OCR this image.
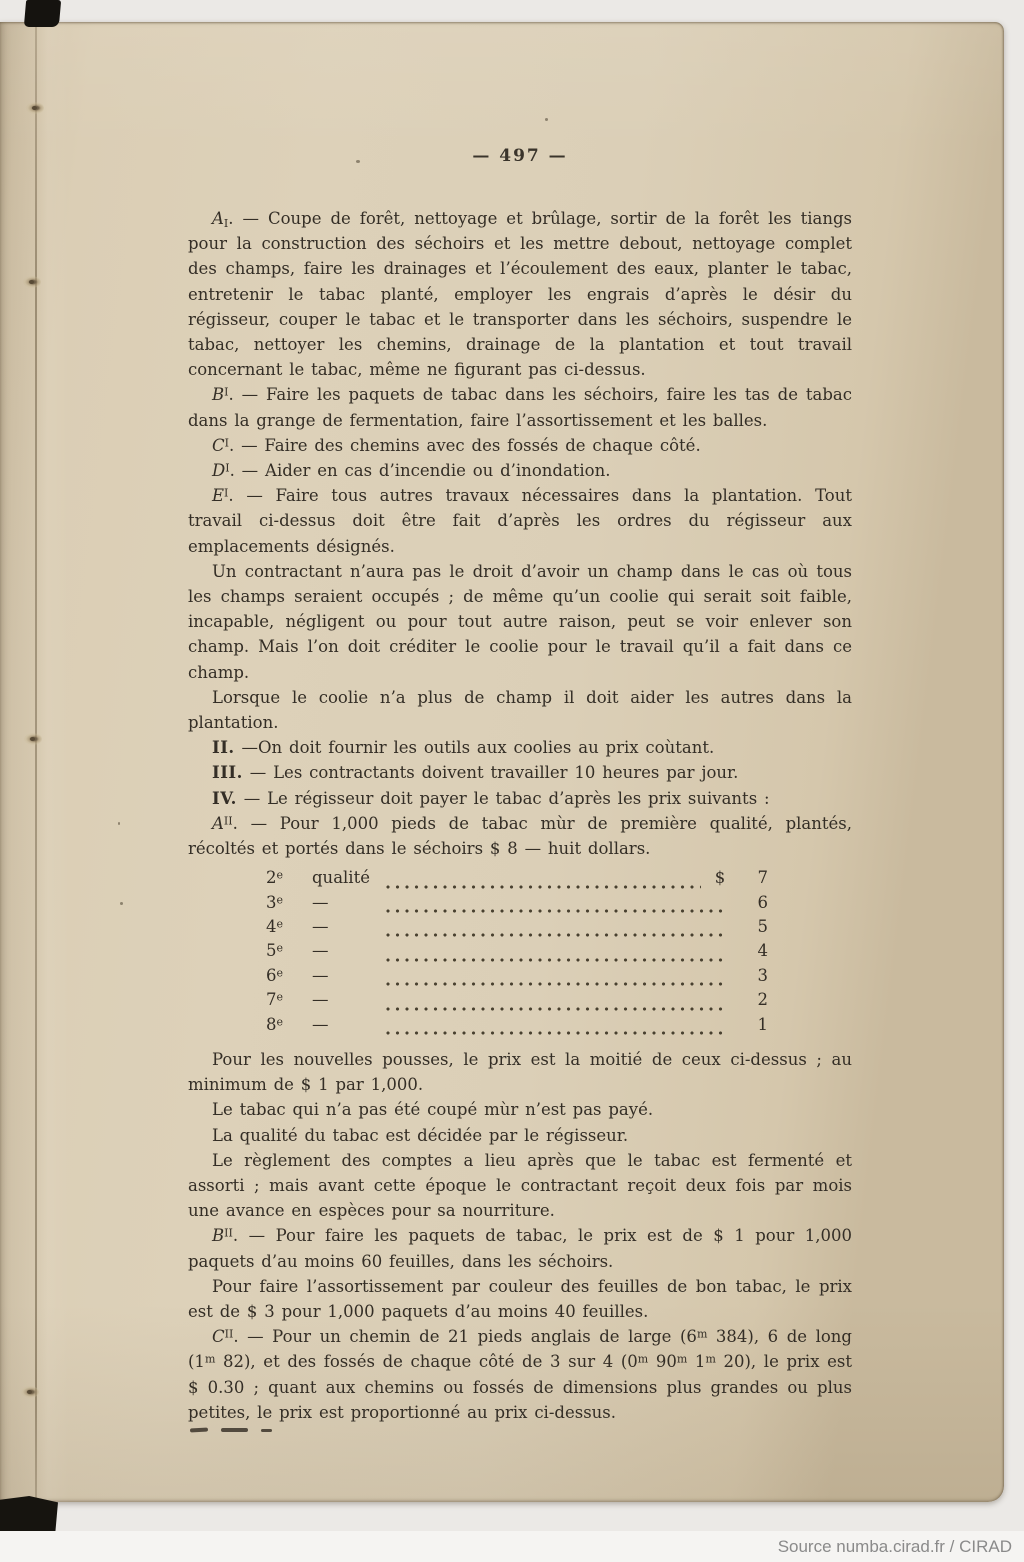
— 497 —

$A_I$. — Coupe de forêt, nettoyage et brûlage, sortir de la forêt les tiangs pour la construction des séchoirs et les mettre debout, nettoyage complet des champs, faire les drainages et l’écoulement des eaux, planter le tabac, entretenir le tabac planté, employer les engrais d’après le désir du régisseur, couper le tabac et le transporter dans les séchoirs, suspendre le tabac, nettoyer les chemins, drainage de la plantation et tout travail concernant le tabac, même ne figurant pas ci-dessus.

$B^I$. — Faire les paquets de tabac dans les séchoirs, faire les tas de tabac dans la grange de fermentation, faire l’assortissement et les balles.

$C^I$. — Faire des chemins avec des fossés de chaque côté.

$D^I$. — Aider en cas d’incendie ou d’inondation.

$E^I$. — Faire tous autres travaux nécessaires dans la plantation. Tout travail ci-dessus doit être fait d’après les ordres du régisseur aux emplacements désignés.

Un contractant n’aura pas le droit d’avoir un champ dans le cas où tous les champs seraient occupés ; de même qu’un coolie qui serait soit faible, incapable, négligent ou pour tout autre raison, peut se voir enlever son champ. Mais l’on doit créditer le coolie pour le travail qu’il a fait dans ce champ.

Lorsque le coolie n’a plus de champ il doit aider les autres dans la plantation.

II. —On doit fournir les outils aux coolies au prix coùtant.

III. — Les contractants doivent travailler 10 heures par jour.

IV. — Le régisseur doit payer le tabac d’après les prix suivants :

$A^{II}$. — Pour 1,000 pieds de tabac mùr de première qualité, plantés, récoltés et portés dans le séchoirs $ 8 — huit dollars.

2e	qualité	$	7
3e	—	6
4e	—	5
5e	—	4
6e	—	3
7e	—	2
8e	—	1

Pour les nouvelles pousses, le prix est la moitié de ceux ci-dessus ; au minimum de $ 1 par 1,000.

Le tabac qui n’a pas été coupé mùr n’est pas payé.

La qualité du tabac est décidée par le régisseur.

Le règlement des comptes a lieu après que le tabac est fermenté et assorti ; mais avant cette époque le contractant reçoit deux fois par mois une avance en espèces pour sa nourriture.

$B^{II}$. — Pour faire les paquets de tabac, le prix est de $ 1 pour 1,000 paquets d’au moins 60 feuilles, dans les séchoirs.

Pour faire l’assortissement par couleur des feuilles de bon tabac, le prix est de $ 3 pour 1,000 paquets d’au moins 40 feuilles.

$C^{II}$. — Pour un chemin de 21 pieds anglais de large (6$^m$ 384), 6 de long (1$^m$ 82), et des fossés de chaque côté de 3 sur 4 (0$^m$ 90$^m$ 1$^m$ 20), le prix est $ 0.30 ; quant aux chemins ou fossés de dimensions plus grandes ou plus petites, le prix est proportionné au prix ci-dessus.

Source numba.cirad.fr / CIRAD
